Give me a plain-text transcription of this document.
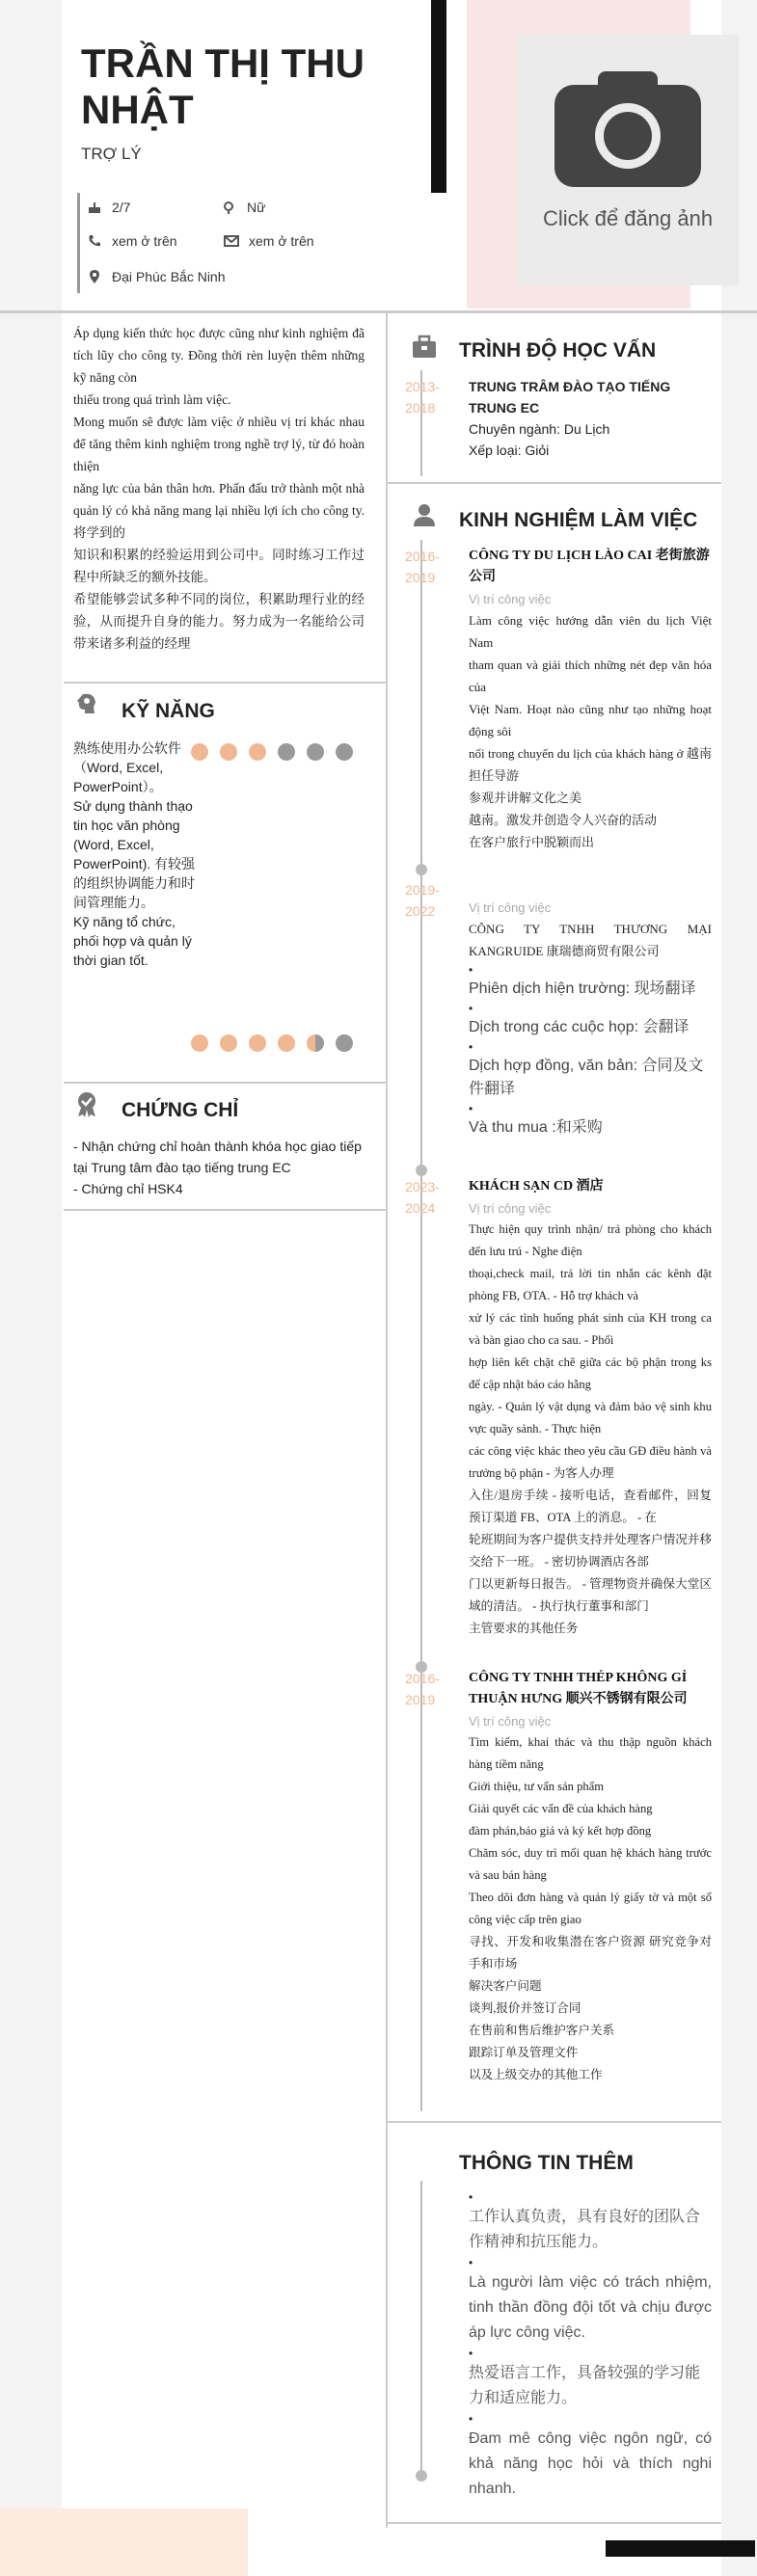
TRẦN THỊ THU NHẬT
TRỢ LÝ
2/7	Nữ
xem ở trên	xem ở trên
Đại Phúc Bắc Ninh
Click để đăng ảnh
Áp dụng kiến thức học được cũng như kinh nghiệm đã tích lũy cho công ty. Đồng thời rèn luyện thêm những kỹ năng còn
thiếu trong quá trình làm việc.
Mong muốn sẽ được làm việc ở nhiều vị trí khác nhau để tăng thêm kinh nghiệm trong nghề trợ lý, từ đó hoàn thiện
năng lực của bản thân hơn. Phấn đấu trở thành một nhà quản lý có khả năng mang lại nhiều lợi ích cho công ty. 将学到的
知识和积累的经验运用到公司中。同时练习工作过程中所缺乏的额外技能。
希望能够尝试多种不同的岗位，积累助理行业的经验，从而提升自身的能力。努力成为一名能给公司带来诸多利益的经理
KỸ NĂNG
熟练使用办公软件（Word, Excel, PowerPoint）。
Sử dụng thành thạo tin học văn phòng (Word, Excel, PowerPoint). 有较强的组织协调能力和时间管理能力。
Kỹ năng tổ chức, phối hợp và quản lý thời gian tốt.
CHỨNG CHỈ
- Nhận chứng chỉ hoàn thành khóa học giao tiếp tại Trung tâm đào tạo tiếng trung EC
- Chứng chỉ HSK4
TRÌNH ĐỘ HỌC VẤN
2013-
2018
TRUNG TRÂM ĐÀO TẠO TIẾNG TRUNG EC
Chuyên ngành: Du Lịch
Xếp loại: Giỏi
KINH NGHIỆM LÀM VIỆC
2016-
2019
CÔNG TY DU LỊCH LÀO CAI 老街旅游公司
Vị trí công việc
Làm công việc hướng dẫn viên du lịch Việt Nam
tham quan và giải thích những nét đẹp văn hóa của
Việt Nam. Hoạt nào cũng như tạo những hoạt động sôi
nổi trong chuyến du lịch của khách hàng ở 越南担任导游
参观并讲解文化之美
越南。激发并创造令人兴奋的活动
在客户旅行中脱颖而出
2019-
2022	Vị trí công việc
CÔNG TY TNHH THƯƠNG MẠI KANGRUIDE 康瑞德商贸有限公司
•
Phiên dịch hiện trường: 现场翻译
•
Dịch trong các cuộc họp: 会翻译
•
Dịch hợp đồng, văn bản: 合同及文件翻译
•
Và thu mua :和采购
2023-
2024
KHÁCH SẠN CD 酒店
Vị trí công việc
Thực hiện quy trình nhận/ trả phòng cho khách đến lưu trú - Nghe điện
thoại,check mail, trả lời tin nhắn các kênh đặt phòng FB, OTA. - Hỗ trợ khách và
xử lý các tình huống phát sinh của KH trong ca và bàn giao cho ca sau. - Phối
hợp liên kết chặt chẽ giữa các bộ phận trong ks để cập nhật báo cáo hằng
ngày. - Quản lý vật dụng và đảm bảo vệ sinh khu vực quầy sảnh. - Thực hiện
các công việc khác theo yêu cầu GĐ điều hành và trưởng bộ phận - 为客人办理
入住/退房手续 - 接听电话，查看邮件，回复预订渠道 FB、OTA 上的消息。 - 在
轮班期间为客户提供支持并处理客户情况并移交给下一班。 - 密切协调酒店各部
门以更新每日报告。 - 管理物资并确保大堂区域的清洁。 - 执行执行董事和部门
主管要求的其他任务
2016-
2019
CÔNG TY TNHH THÉP KHÔNG GỈ THUẬN HƯNG 顺兴不锈钢有限公司
Vị trí công việc
Tìm kiếm, khai thác và thu thập nguồn khách hàng tiềm năng
Giới thiệu, tư vấn sản phẩm
Giải quyết các vấn đề của khách hàng
đàm phán,báo giá và ký kết hợp đồng
Chăm sóc, duy trì mối quan hệ khách hàng trước và sau bán hàng
Theo dõi đơn hàng và quản lý giấy tờ và một số công việc cấp trên giao
寻找、开发和收集潜在客户资源 研究竞争对手和市场
解决客户问题
谈判,报价并签订合同
在售前和售后维护客户关系
跟踪订单及管理文件
以及上级交办的其他工作
THÔNG TIN THÊM
•
工作认真负责，具有良好的团队合作精神和抗压能力。
•
Là người làm việc có trách nhiệm, tinh thần đồng đội tốt và chịu được áp lực công việc.
•
热爱语言工作，具备较强的学习能力和适应能力。
•
Đam mê công việc ngôn ngữ, có khả năng học hỏi và thích nghi nhanh.
